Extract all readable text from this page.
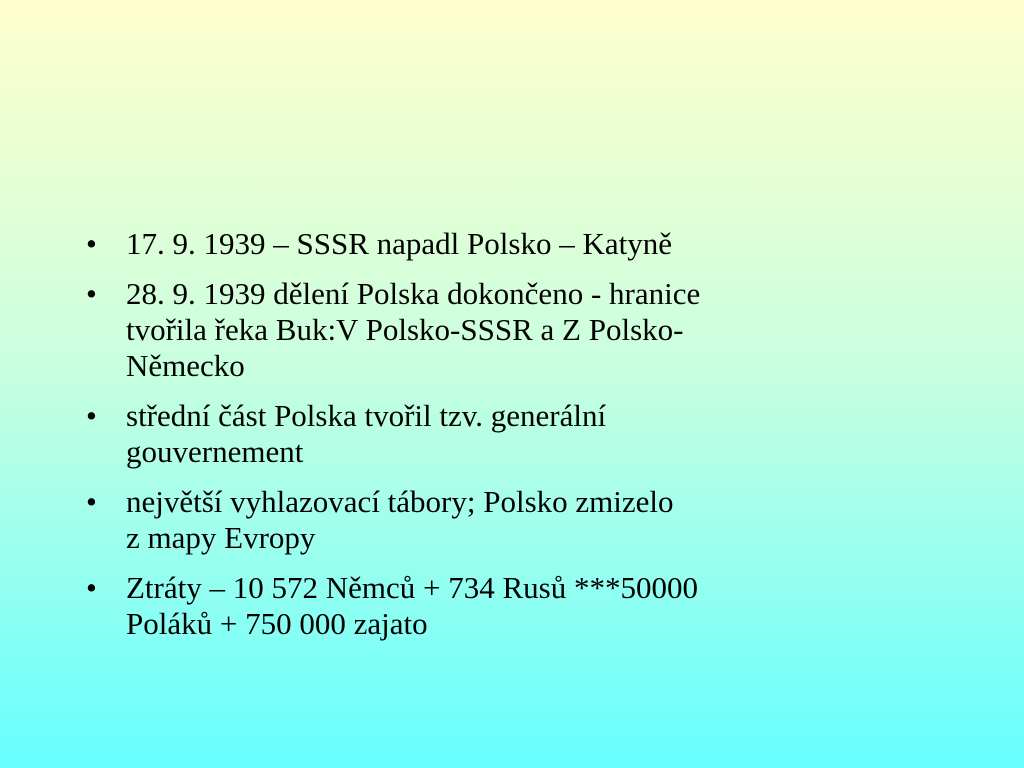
• 17. 9. 1939 – SSSR napadl Polsko – Katyně
• 28. 9. 1939 dělení Polska dokončeno - hranice
tvořila řeka Buk:V Polsko-SSSR a Z Polsko-
Německo
• střední část Polska tvořil tzv. generální
gouvernement
• největší vyhlazovací tábory; Polsko zmizelo
z mapy Evropy
• Ztráty – 10 572 Němců + 734 Rusů ***50000
Poláků + 750 000 zajato
